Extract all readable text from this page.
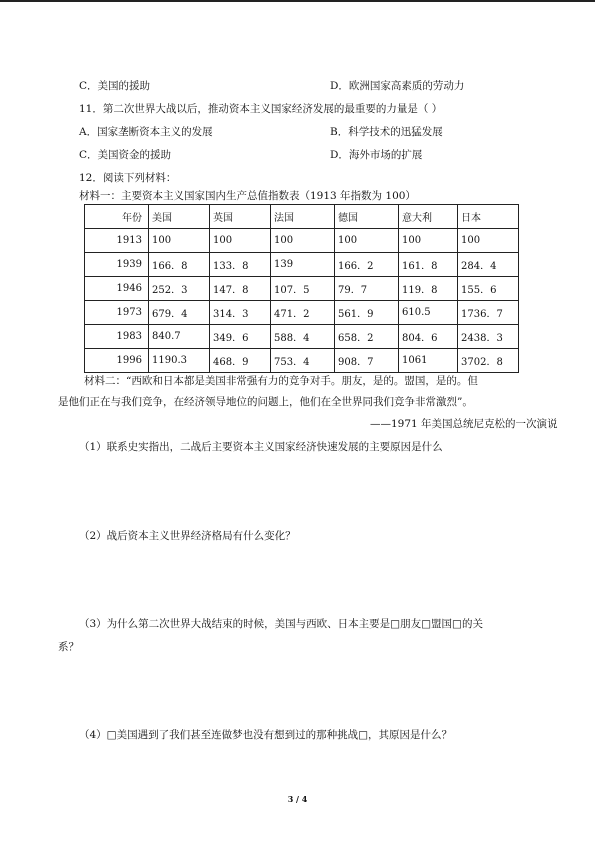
C．美国的援助	D．欧洲国家高素质的劳动力
11．第二次世界大战以后，推动资本主义国家经济发展的最重要的力量是（ ）
A．国家垄断资本主义的发展	B．科学技术的迅猛发展
C．美国资金的援助	D．海外市场的扩展
12．阅读下列材料：
材料一：主要资本主义国家国内生产总值指数表（1913 年指数为 100）
年份	美国	英国	法国	德国	意大利	日本
1913	100	100	100	100	100	100
1939	166．8	133．8	139	166．2	161．8	284．4
1946	252．3	147．8	107．5	79．7	119．8	155．6
1973	679．4	314．3	471．2	561．9	610.5	1736．7
1983	840.7	349．6	588．4	658．2	804．6	2438．3
1996	1190.3	468．9	753．4	908．7	1061	3702．8
材料二：“西欧和日本都是美国非常强有力的竞争对手。朋友，是的。盟国，是的。但
是他们正在与我们竞争，在经济领导地位的问题上，他们在全世界同我们竞争非常激烈”。
——1971 年美国总统尼克松的一次演说
（1）联系史实指出，二战后主要资本主义国家经济快速发展的主要原因是什么
（2）战后资本主义世界经济格局有什么变化？
（3）为什么第二次世界大战结束的时候，美国与西欧、日本主要是□朋友□盟国□的关
系？
（4）□美国遇到了我们甚至连做梦也没有想到过的那种挑战□，其原因是什么？
3 / 4
